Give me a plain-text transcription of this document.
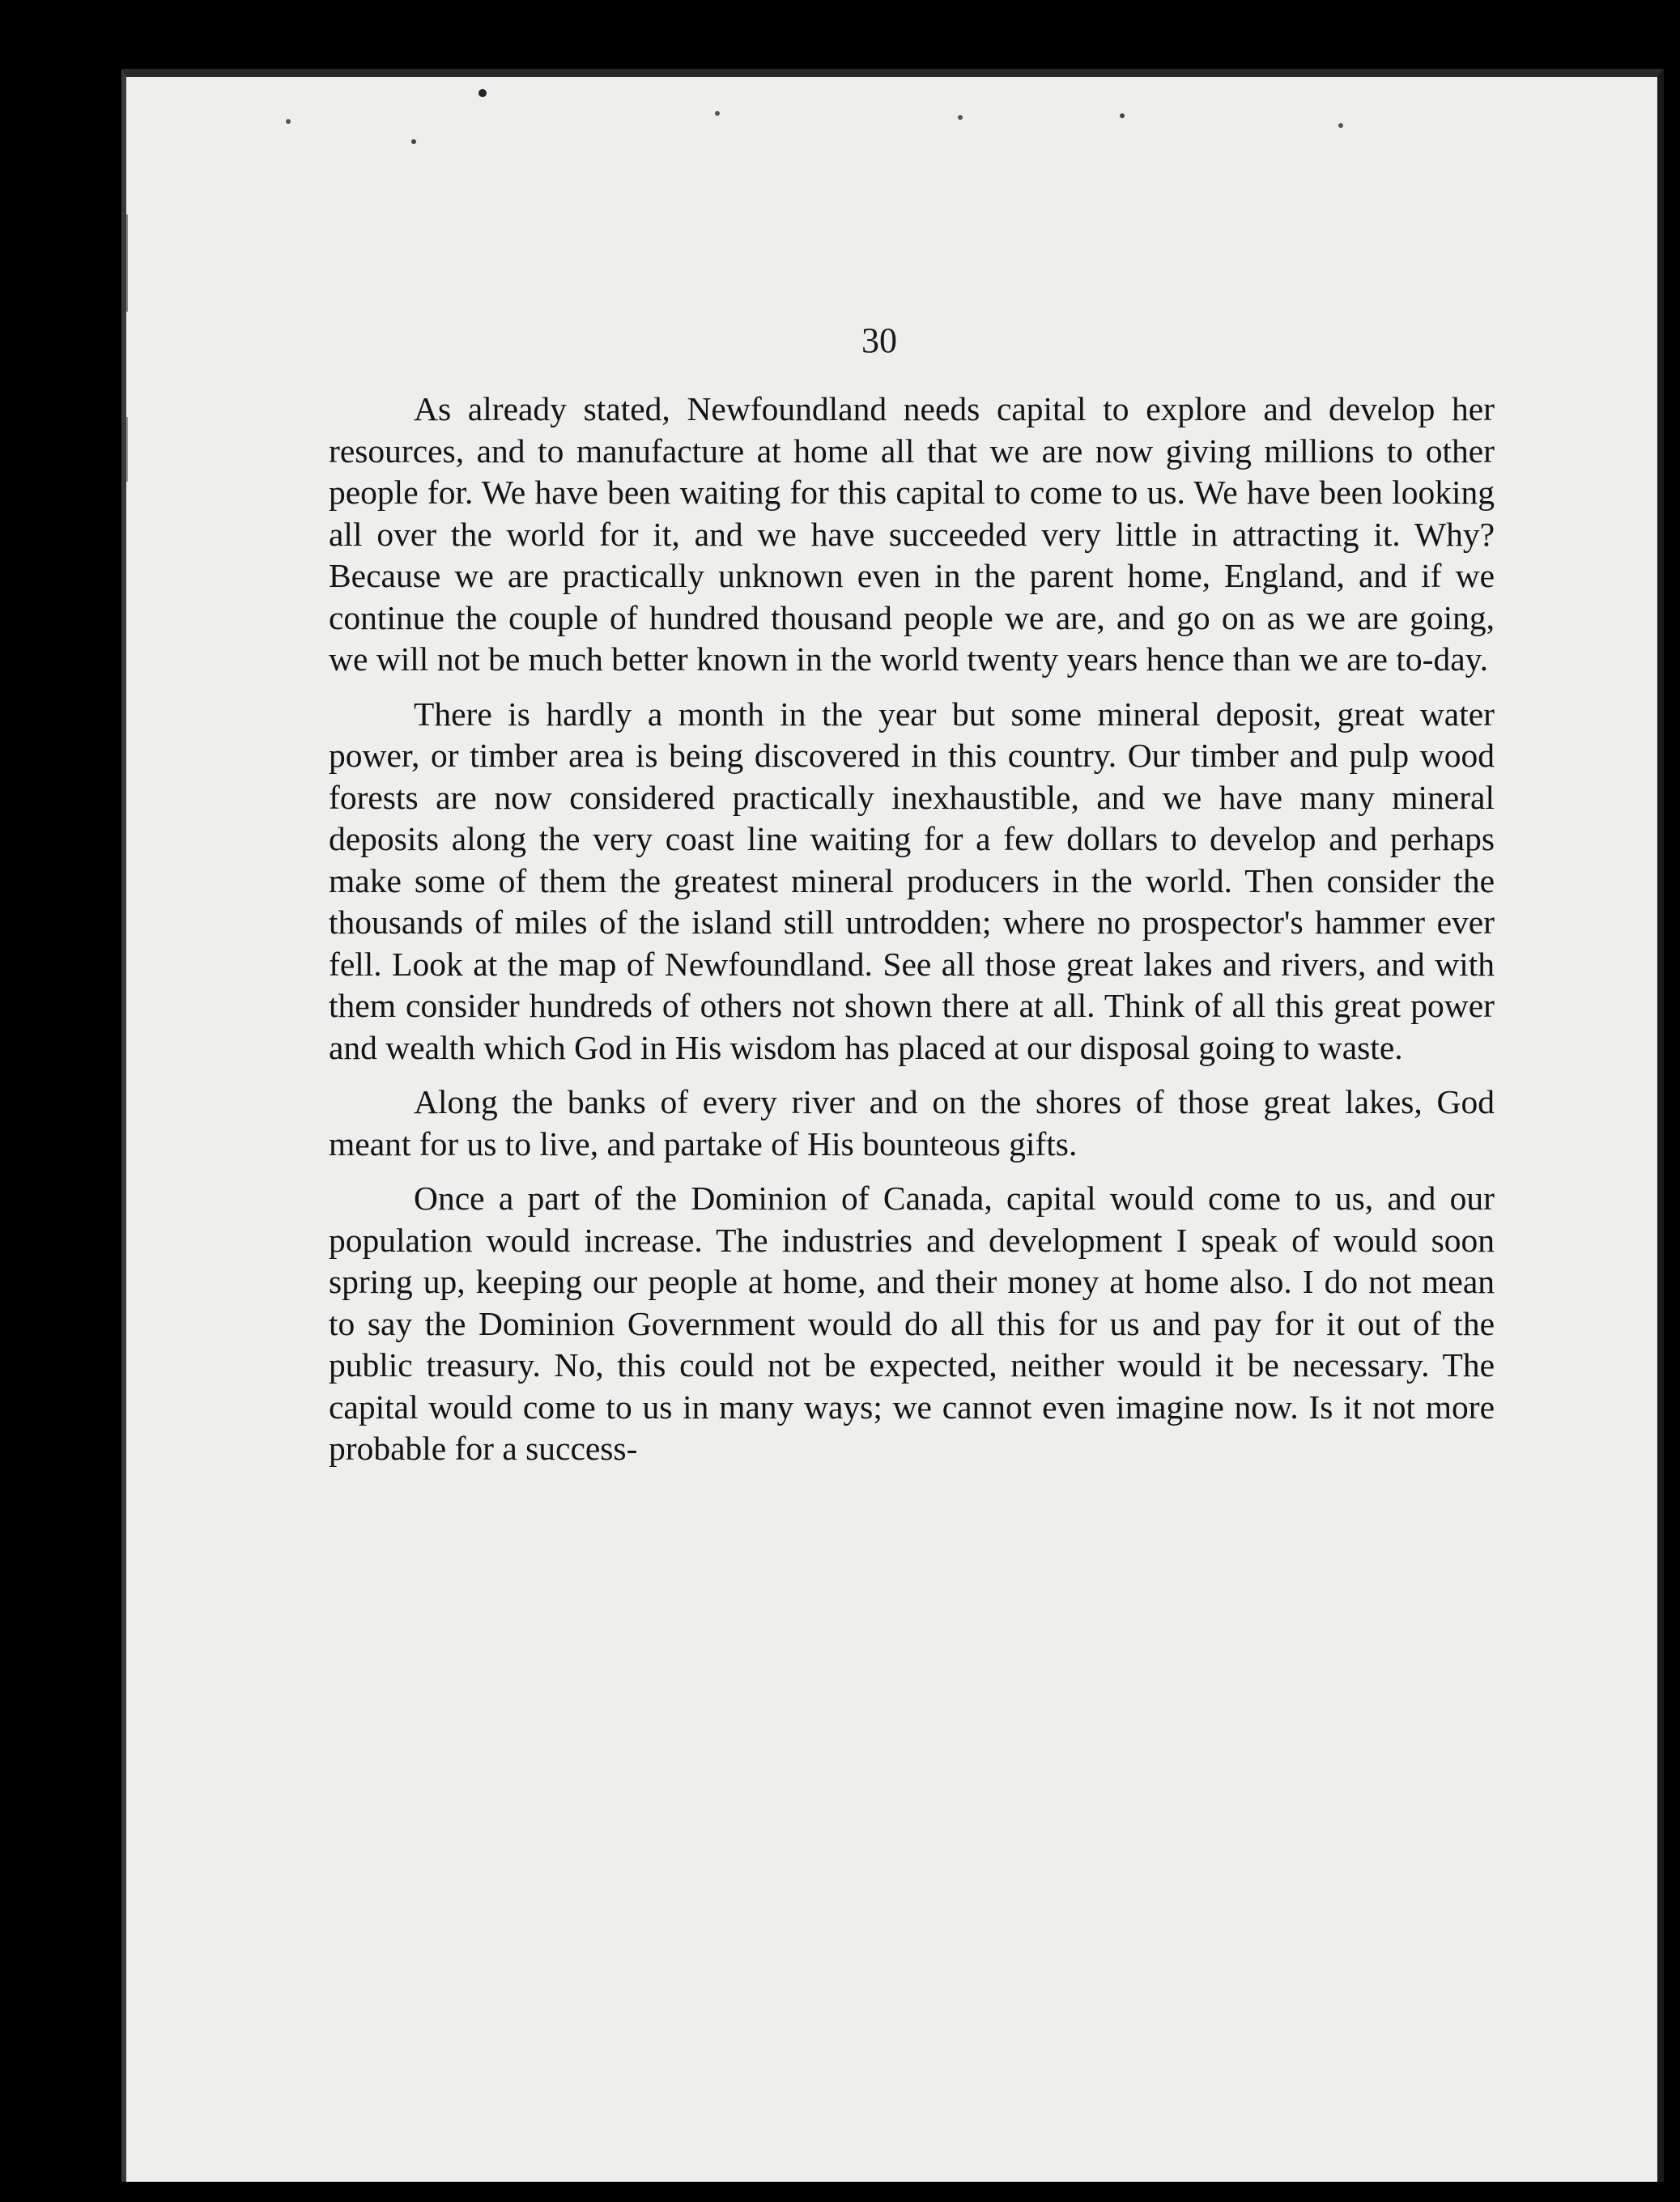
30

As already stated, Newfoundland needs capital to explore and develop her resources, and to manufacture at home all that we are now giving millions to other people for. We have been waiting for this capital to come to us. We have been looking all over the world for it, and we have succeeded very little in attracting it. Why? Because we are practically unknown even in the parent home, England, and if we continue the couple of hundred thousand people we are, and go on as we are going, we will not be much better known in the world twenty years hence than we are to-day.

There is hardly a month in the year but some mineral deposit, great water power, or timber area is being discovered in this country. Our timber and pulp wood forests are now considered practically inexhaustible, and we have many mineral deposits along the very coast line waiting for a few dollars to develop and perhaps make some of them the greatest mineral producers in the world. Then consider the thousands of miles of the island still untrodden; where no prospector's hammer ever fell. Look at the map of Newfoundland. See all those great lakes and rivers, and with them consider hundreds of others not shown there at all. Think of all this great power and wealth which God in His wisdom has placed at our disposal going to waste.

Along the banks of every river and on the shores of those great lakes, God meant for us to live, and partake of His bounteous gifts.

Once a part of the Dominion of Canada, capital would come to us, and our population would increase. The industries and development I speak of would soon spring up, keeping our people at home, and their money at home also. I do not mean to say the Dominion Government would do all this for us and pay for it out of the public treasury. No, this could not be expected, neither would it be necessary. The capital would come to us in many ways; we cannot even imagine now. Is it not more probable for a success-
